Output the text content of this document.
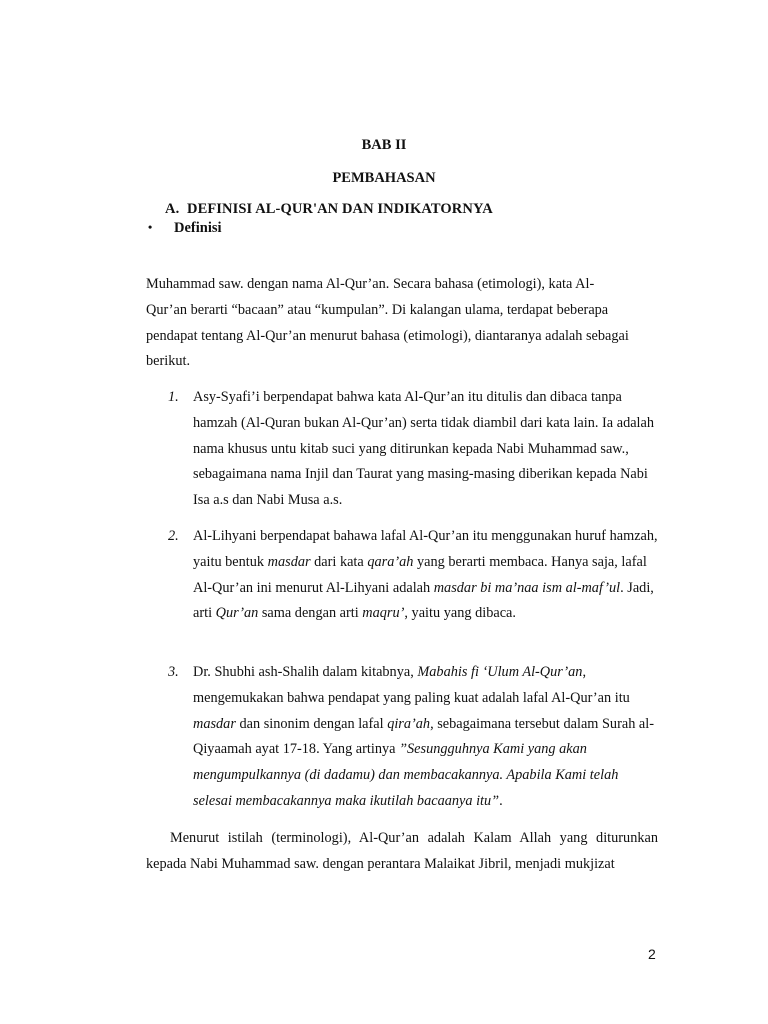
BAB II
PEMBAHASAN
A. DEFINISI AL-QUR'AN DAN INDIKATORNYA
• Definisi

Muhammad saw. dengan nama Al-Qur’an. Secara bahasa (etimologi), kata Al-Qur’an berarti “bacaan” atau “kumpulan”. Di kalangan ulama, terdapat beberapa pendapat tentang Al-Qur’an menurut bahasa (etimologi), diantaranya adalah sebagai berikut.

1. Asy-Syafi’i berpendapat bahwa kata Al-Qur’an itu ditulis dan dibaca tanpa hamzah (Al-Quran bukan Al-Qur’an) serta tidak diambil dari kata lain. Ia adalah nama khusus untu kitab suci yang ditirunkan kepada Nabi Muhammad saw., sebagaimana nama Injil dan Taurat yang masing-masing diberikan kepada Nabi Isa a.s dan Nabi Musa a.s.
2. Al-Lihyani berpendapat bahawa lafal Al-Qur’an itu menggunakan huruf hamzah, yaitu bentuk masdar dari kata qara’ah yang berarti membaca. Hanya saja, lafal Al-Qur’an ini menurut Al-Lihyani adalah masdar bi ma’naa ism al-maf’ul. Jadi, arti Qur’an sama dengan arti maqru’, yaitu yang dibaca.
3. Dr. Shubhi ash-Shalih dalam kitabnya, Mabahis fi ‘Ulum Al-Qur’an, mengemukakan bahwa pendapat yang paling kuat adalah lafal Al-Qur’an itu masdar dan sinonim dengan lafal qira’ah, sebagaimana tersebut dalam Surah al-Qiyaamah ayat 17-18. Yang artinya ”Sesungguhnya Kami yang akan mengumpulkannya (di dadamu) dan membacakannya. Apabila Kami telah selesai membacakannya maka ikutilah bacaanya itu”.

Menurut istilah (terminologi), Al-Qur’an adalah Kalam Allah yang diturunkan kepada Nabi Muhammad saw. dengan perantara Malaikat Jibril, menjadi mukjizat

2
